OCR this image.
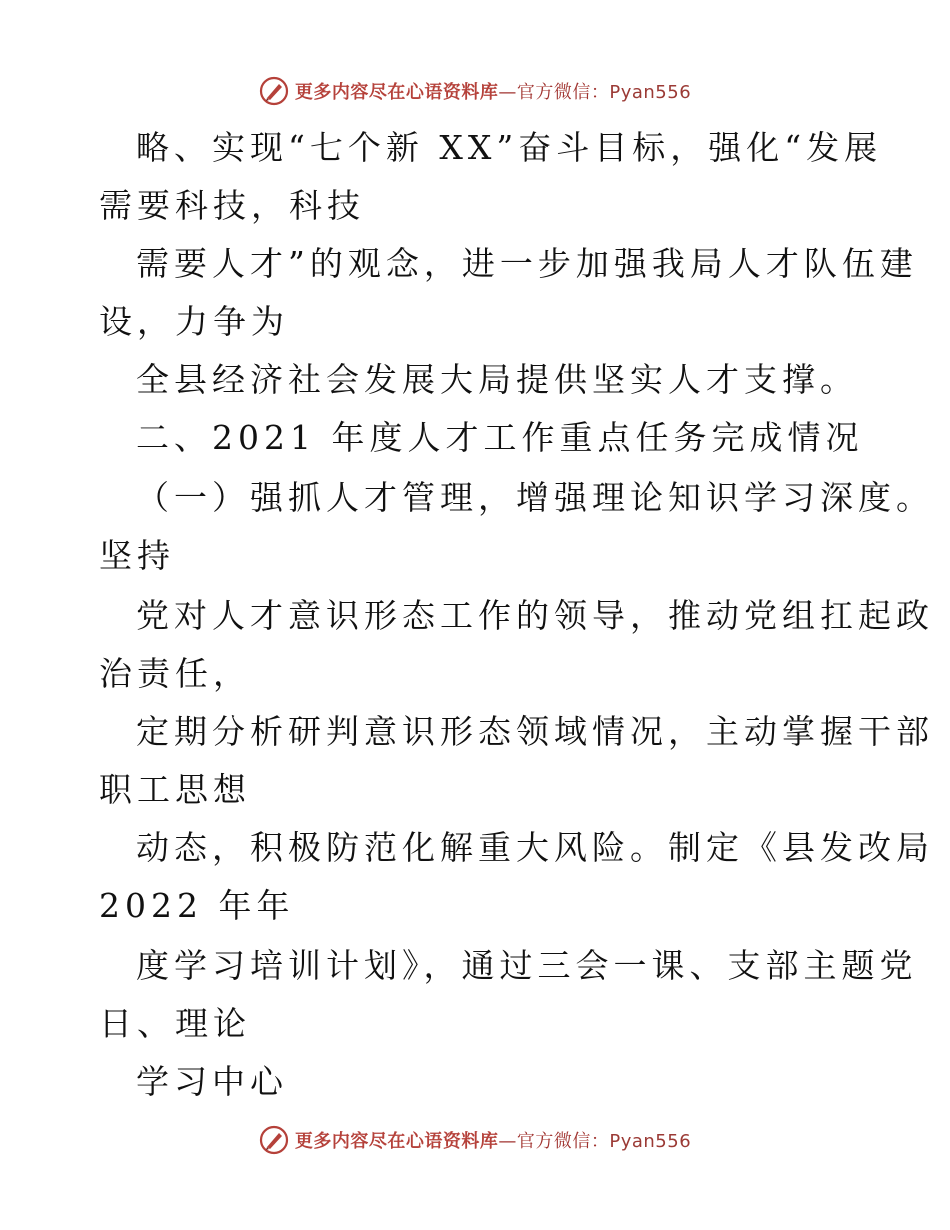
更多内容尽在心语资料库—官方微信：Pyan556
略、实现“七个新 XX”奋斗目标，强化“发展
需要科技，科技
需要人才”的观念，进一步加强我局人才队伍建
设，力争为
全县经济社会发展大局提供坚实人才支撑。
二、2021 年度人才工作重点任务完成情况
（一）强抓人才管理，增强理论知识学习深度。
坚持
党对人才意识形态工作的领导，推动党组扛起政
治责任，
定期分析研判意识形态领域情况，主动掌握干部
职工思想
动态，积极防范化解重大风险。制定《县发改局
2022 年年
度学习培训计划》，通过三会一课、支部主题党
日、理论
学习中心
更多内容尽在心语资料库—官方微信：Pyan556
